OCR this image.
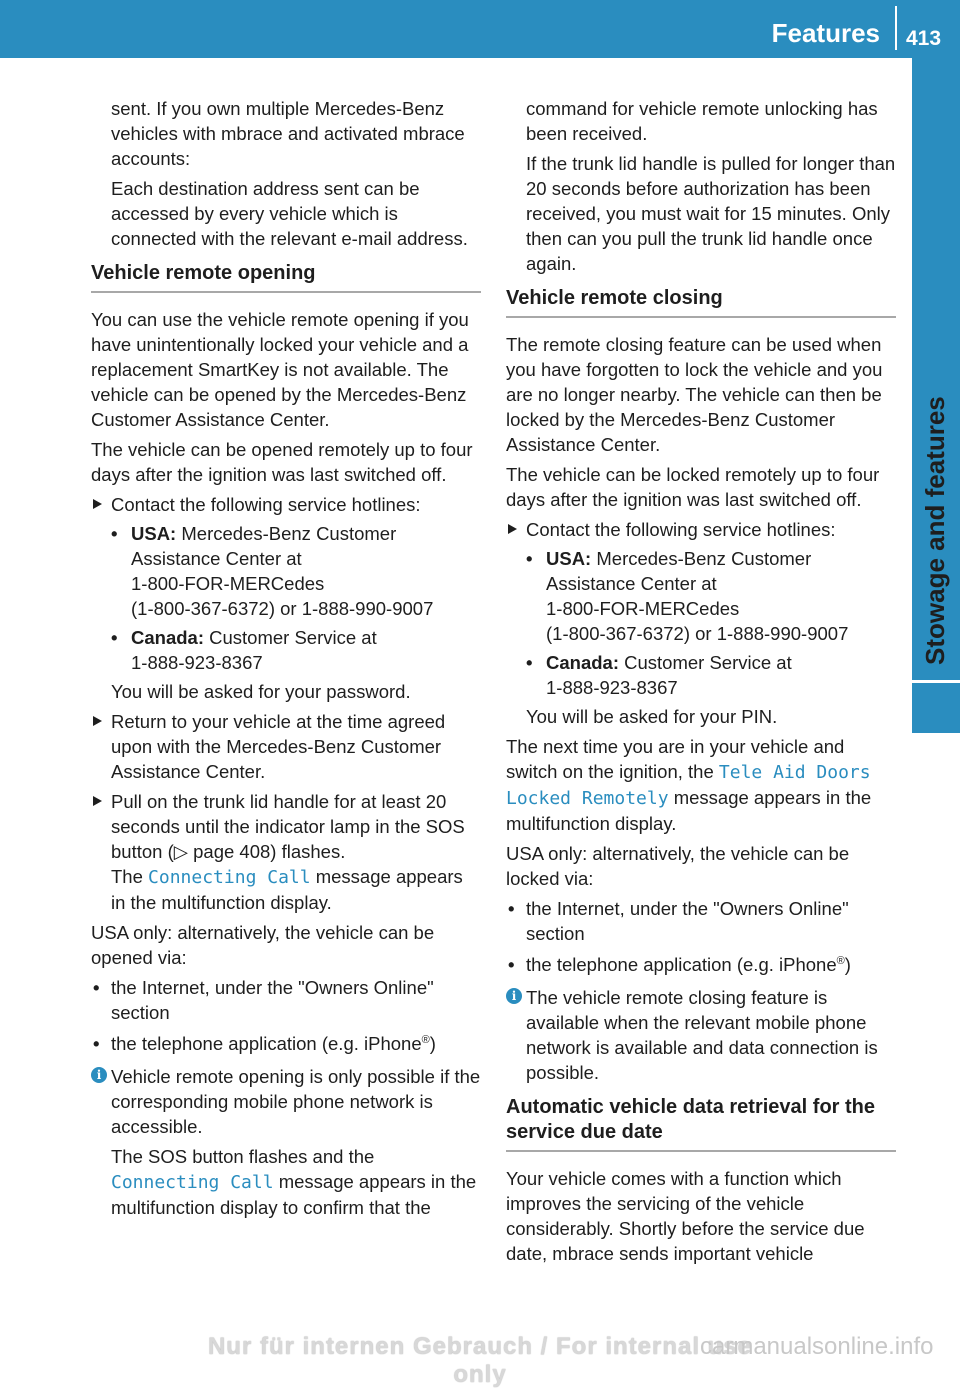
Features 413
Stowage and features

sent. If you own multiple Mercedes-Benz vehicles with mbrace and activated mbrace accounts:

Each destination address sent can be accessed by every vehicle which is connected with the relevant e-mail address.

Vehicle remote opening

You can use the vehicle remote opening if you have unintentionally locked your vehicle and a replacement SmartKey is not available. The vehicle can be opened by the Mercedes-Benz Customer Assistance Center.

The vehicle can be opened remotely up to four days after the ignition was last switched off.

Contact the following service hotlines:

• USA: Mercedes-Benz Customer Assistance Center at
1-800-FOR-MERCedes
(1-800-367-6372) or 1-888-990-9007
• Canada: Customer Service at
1-888-923-8367

You will be asked for your password.

Return to your vehicle at the time agreed upon with the Mercedes-Benz Customer Assistance Center.

Pull on the trunk lid handle for at least 20 seconds until the indicator lamp in the SOS button (▷ page 408) flashes.

The Connecting Call message appears in the multifunction display.

USA only: alternatively, the vehicle can be opened via:

• the Internet, under the "Owners Online" section
• the telephone application (e.g. iPhone®)
i Vehicle remote opening is only possible if the corresponding mobile phone network is accessible.

The SOS button flashes and the Connecting Call message appears in the multifunction display to confirm that the

command for vehicle remote unlocking has been received.

If the trunk lid handle is pulled for longer than 20 seconds before authorization has been received, you must wait for 15 minutes. Only then can you pull the trunk lid handle once again.

Vehicle remote closing

The remote closing feature can be used when you have forgotten to lock the vehicle and you are no longer nearby. The vehicle can then be locked by the Mercedes-Benz Customer Assistance Center.

The vehicle can be locked remotely up to four days after the ignition was last switched off.

Contact the following service hotlines:

• USA: Mercedes-Benz Customer Assistance Center at
1-800-FOR-MERCedes
(1-800-367-6372) or 1-888-990-9007
• Canada: Customer Service at
1-888-923-8367

You will be asked for your PIN.

The next time you are in your vehicle and switch on the ignition, the Tele Aid Doors Locked Remotely message appears in the multifunction display.

USA only: alternatively, the vehicle can be locked via:

• the Internet, under the "Owners Online" section
• the telephone application (e.g. iPhone®)
i The vehicle remote closing feature is available when the relevant mobile phone network is available and data connection is possible.

Automatic vehicle data retrieval for the service due date

Your vehicle comes with a function which improves the servicing of the vehicle considerably. Shortly before the service due date, mbrace sends important vehicle

Nur für internen Gebrauch / For internal use only
carmanualsonline.info
